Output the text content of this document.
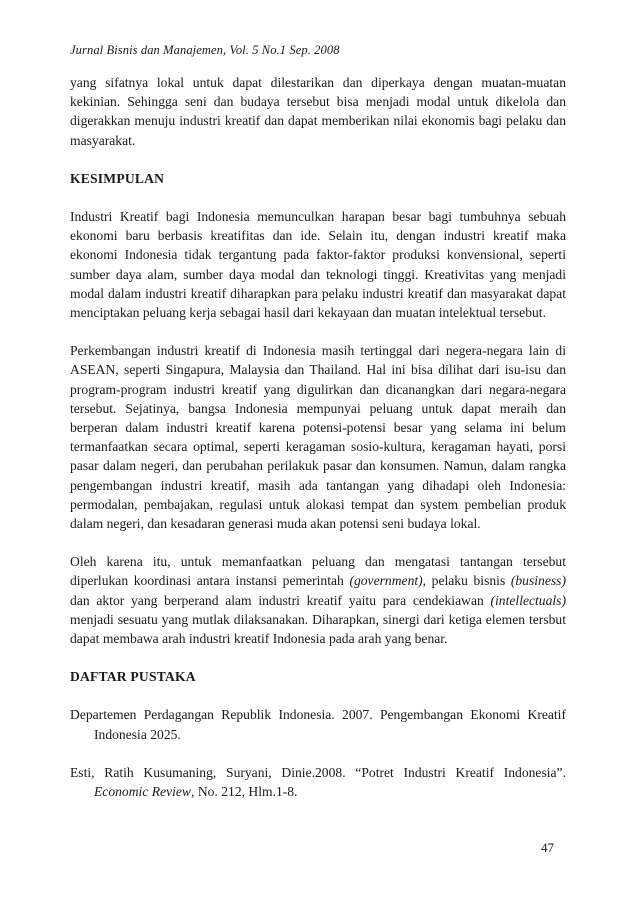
Jurnal Bisnis dan Manajemen, Vol. 5 No.1 Sep. 2008

yang sifatnya lokal untuk dapat dilestarikan dan diperkaya dengan muatan-muatan kekinian. Sehingga seni dan budaya tersebut bisa menjadi modal untuk dikelola dan digerakkan menuju industri kreatif dan dapat memberikan nilai ekonomis bagi pelaku dan masyarakat.

KESIMPULAN

Industri Kreatif bagi Indonesia memunculkan harapan besar bagi tumbuhnya sebuah ekonomi baru berbasis kreatifitas dan ide. Selain itu, dengan industri kreatif maka ekonomi Indonesia tidak tergantung pada faktor-faktor produksi konvensional, seperti sumber daya alam, sumber daya modal dan teknologi tinggi. Kreativitas yang menjadi modal dalam industri kreatif diharapkan para pelaku industri kreatif dan masyarakat dapat menciptakan peluang kerja sebagai hasil dari kekayaan dan muatan intelektual tersebut.

Perkembangan industri kreatif di Indonesia masih tertinggal dari negera-negara lain di ASEAN, seperti Singapura, Malaysia dan Thailand. Hal ini bisa dilihat dari isu-isu dan program-program industri kreatif yang digulirkan dan dicanangkan dari negara-negara tersebut. Sejatinya, bangsa Indonesia mempunyai peluang untuk dapat meraih dan berperan dalam industri kreatif karena potensi-potensi besar yang selama ini belum termanfaatkan secara optimal, seperti keragaman sosio-kultura, keragaman hayati, porsi pasar dalam negeri, dan perubahan perilakuk pasar dan konsumen. Namun, dalam rangka pengembangan industri kreatif, masih ada tantangan yang dihadapi oleh Indonesia: permodalan, pembajakan, regulasi untuk alokasi tempat dan system pembelian produk dalam negeri, dan kesadaran generasi muda akan potensi seni budaya lokal.

Oleh karena itu, untuk memanfaatkan peluang dan mengatasi tantangan tersebut diperlukan koordinasi antara instansi pemerintah (government), pelaku bisnis (business) dan aktor yang berperand alam industri kreatif yaitu para cendekiawan (intellectuals) menjadi sesuatu yang mutlak dilaksanakan. Diharapkan, sinergi dari ketiga elemen tersbut dapat membawa arah industri kreatif Indonesia pada arah yang benar.

DAFTAR PUSTAKA

Departemen Perdagangan Republik Indonesia. 2007. Pengembangan Ekonomi Kreatif Indonesia 2025.

Esti, Ratih Kusumaning, Suryani, Dinie.2008. “Potret Industri Kreatif Indonesia”. Economic Review, No. 212, Hlm.1-8.

47
